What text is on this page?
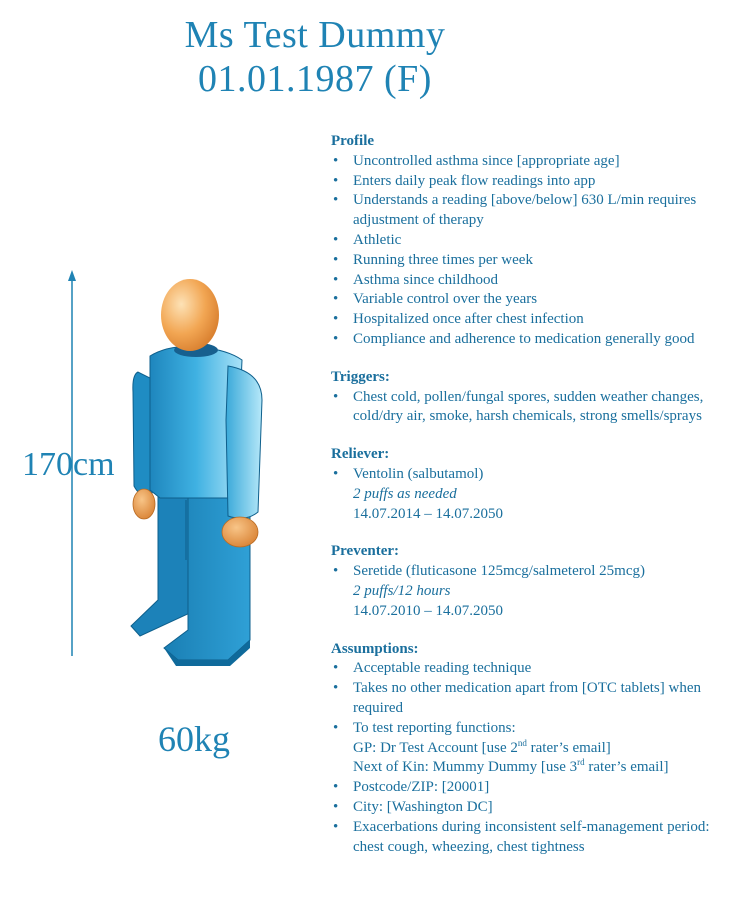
Ms Test Dummy
01.01.1987 (F)
170cm
60kg
Profile
• Uncontrolled asthma since [appropriate age]
• Enters daily peak flow readings into app
• Understands a reading [above/below] 630 L/min requires adjustment of therapy
• Athletic
• Running three times per week
• Asthma since childhood
• Variable control over the years
• Hospitalized once after chest infection
• Compliance and adherence to medication generally good
Triggers:
• Chest cold, pollen/fungal spores, sudden weather changes, cold/dry air, smoke, harsh chemicals, strong smells/sprays
Reliever:
• Ventolin (salbutamol)
2 puffs as needed
14.07.2014 – 14.07.2050
Preventer:
• Seretide (fluticasone 125mcg/salmeterol 25mcg)
2 puffs/12 hours
14.07.2010 – 14.07.2050
Assumptions:
• Acceptable reading technique
• Takes no other medication apart from [OTC tablets] when required
• To test reporting functions:
GP: Dr Test Account [use 2nd rater’s email]
Next of Kin: Mummy Dummy [use 3rd rater’s email]
• Postcode/ZIP: [20001]
• City: [Washington DC]
• Exacerbations during inconsistent self-management period: chest cough, wheezing, chest tightness
